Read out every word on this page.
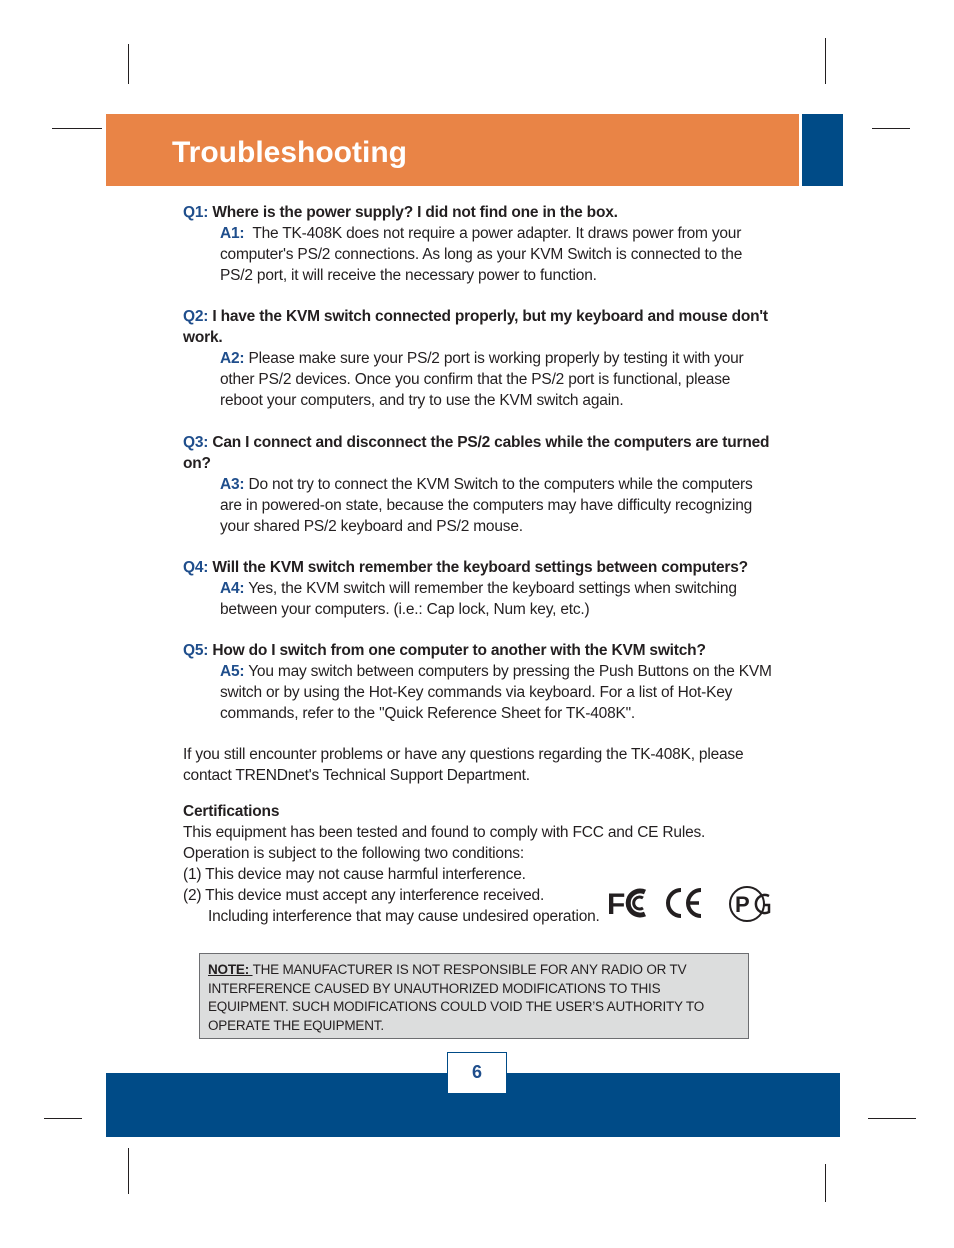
Troubleshooting

Q1: Where is the power supply? I did not find one in the box.

A1: The TK-408K does not require a power adapter. It draws power from your
computer's PS/2 connections. As long as your KVM Switch is connected to the
PS/2 port, it will receive the necessary power to function.

Q2: I have the KVM switch connected properly, but my keyboard and mouse don't
work.

A2: Please make sure your PS/2 port is working properly by testing it with your
other PS/2 devices. Once you confirm that the PS/2 port is functional, please
reboot your computers, and try to use the KVM switch again.

Q3: Can I connect and disconnect the PS/2 cables while the computers are turned
on?

A3: Do not try to connect the KVM Switch to the computers while the computers
are in powered-on state, because the computers may have difficulty recognizing
your shared PS/2 keyboard and PS/2 mouse.

Q4: Will the KVM switch remember the keyboard settings between computers?

A4: Yes, the KVM switch will remember the keyboard settings when switching
between your computers. (i.e.: Cap lock, Num key, etc.)

Q5: How do I switch from one computer to another with the KVM switch?

A5: You may switch between computers by pressing the Push Buttons on the KVM
switch or by using the Hot-Key commands via keyboard. For a list of Hot-Key
commands, refer to the "Quick Reference Sheet for TK-408K".

If you still encounter problems or have any questions regarding the TK-408K, please
contact TRENDnet's Technical Support Department.

Certifications

This equipment has been tested and found to comply with FCC and CE Rules.
Operation is subject to the following two conditions:
(1) This device may not cause harmful interference.
(2) This device must accept any interference received.
Including interference that may cause undesired operation. F	P
NOTE: THE MANUFACTURER IS NOT RESPONSIBLE FOR ANY RADIO OR TV
INTERFERENCE CAUSED BY UNAUTHORIZED MODIFICATIONS TO THIS
EQUIPMENT. SUCH MODIFICATIONS COULD VOID THE USER’S AUTHORITY TO
OPERATE THE EQUIPMENT.
6
